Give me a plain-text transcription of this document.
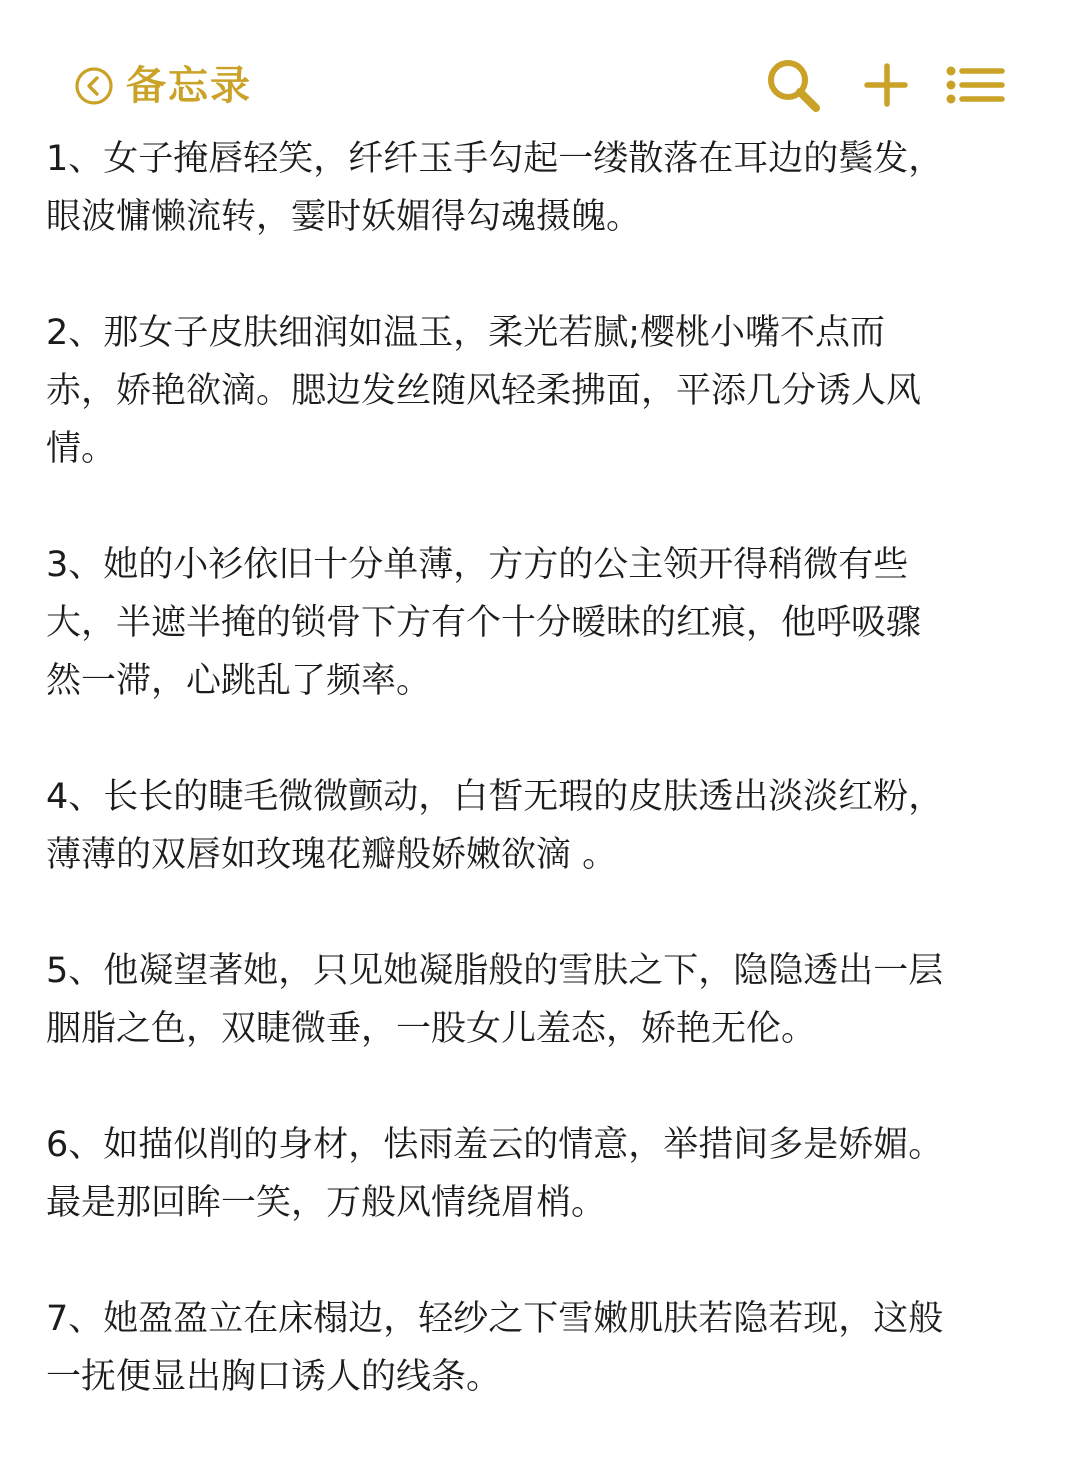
备忘录

1、女子掩唇轻笑，纤纤玉手勾起一缕散落在耳边的鬓发，
眼波慵懒流转，霎时妖媚得勾魂摄魄。

2、那女子皮肤细润如温玉，柔光若腻;樱桃小嘴不点而
赤，娇艳欲滴。腮边发丝随风轻柔拂面，平添几分诱人风
情。

3、她的小衫依旧十分单薄，方方的公主领开得稍微有些
大，半遮半掩的锁骨下方有个十分暧昧的红痕，他呼吸骤
然一滞，心跳乱了频率。

4、长长的睫毛微微颤动，白皙无瑕的皮肤透出淡淡红粉，
薄薄的双唇如玫瑰花瓣般娇嫩欲滴 。

5、他凝望著她，只见她凝脂般的雪肤之下，隐隐透出一层
胭脂之色，双睫微垂，一股女儿羞态，娇艳无伦。

6、如描似削的身材，怯雨羞云的情意，举措间多是娇媚。
最是那回眸一笑，万般风情绕眉梢。

7、她盈盈立在床榻边，轻纱之下雪嫩肌肤若隐若现，这般
一抚便显出胸口诱人的线条。
